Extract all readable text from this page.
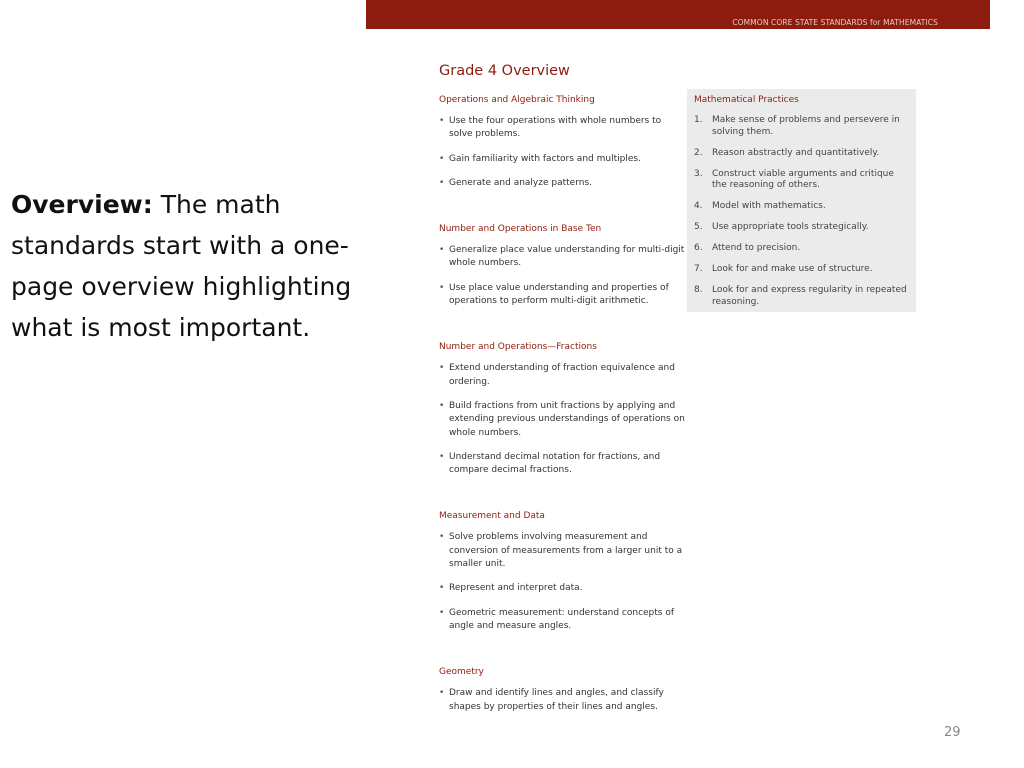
COMMON CORE STATE STANDARDS for MATHEMATICS
Overview: The math standards start with a one-page overview highlighting what is most important.
Grade 4 Overview
Operations and Algebraic Thinking
• Use the four operations with whole numbers to solve problems.
• Gain familiarity with factors and multiples.
• Generate and analyze patterns.
Number and Operations in Base Ten
• Generalize place value understanding for multi-digit whole numbers.
• Use place value understanding and properties of operations to perform multi-digit arithmetic.
Number and Operations—Fractions
• Extend understanding of fraction equivalence and ordering.
• Build fractions from unit fractions by applying and extending previous understandings of operations on whole numbers.
• Understand decimal notation for fractions, and compare decimal fractions.
Measurement and Data
• Solve problems involving measurement and conversion of measurements from a larger unit to a smaller unit.
• Represent and interpret data.
• Geometric measurement: understand concepts of angle and measure angles.
Geometry
• Draw and identify lines and angles, and classify shapes by properties of their lines and angles.
Mathematical Practices
1. Make sense of problems and persevere in solving them.
2. Reason abstractly and quantitatively.
3. Construct viable arguments and critique the reasoning of others.
4. Model with mathematics.
5. Use appropriate tools strategically.
6. Attend to precision.
7. Look for and make use of structure.
8. Look for and express regularity in repeated reasoning.
29
